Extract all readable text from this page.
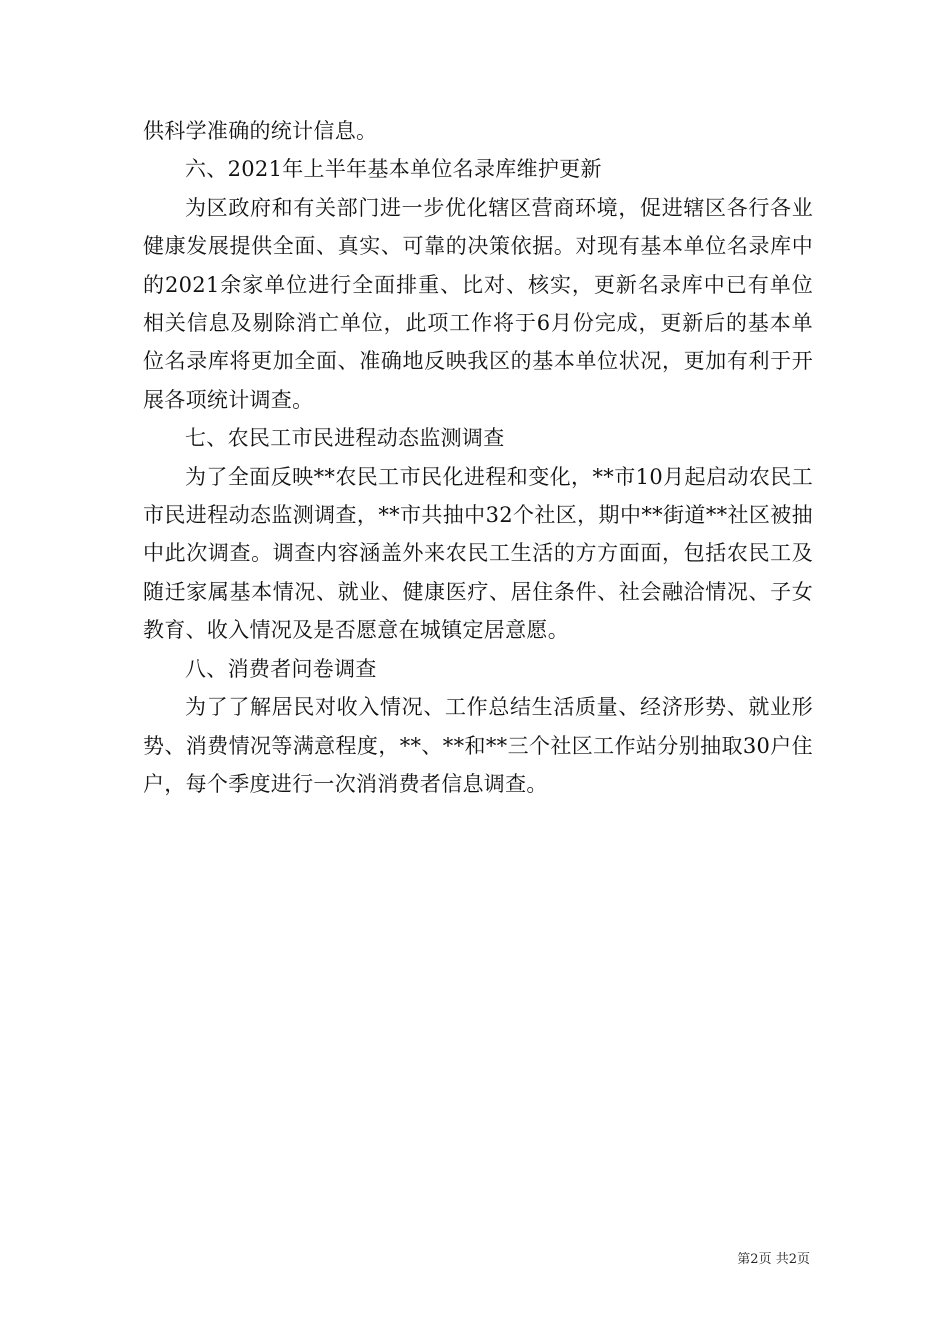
供科学准确的统计信息。

六、2021年上半年基本单位名录库维护更新

为区政府和有关部门进一步优化辖区营商环境，促进辖区各行各业健康发展提供全面、真实、可靠的决策依据。对现有基本单位名录库中的2021余家单位进行全面排重、比对、核实，更新名录库中已有单位相关信息及剔除消亡单位，此项工作将于6月份完成，更新后的基本单位名录库将更加全面、准确地反映我区的基本单位状况，更加有利于开展各项统计调查。

七、农民工市民进程动态监测调查

为了全面反映**农民工市民化进程和变化，**市10月起启动农民工市民进程动态监测调查，**市共抽中32个社区，期中**街道**社区被抽中此次调查。调查内容涵盖外来农民工生活的方方面面，包括农民工及随迁家属基本情况、就业、健康医疗、居住条件、社会融洽情况、子女教育、收入情况及是否愿意在城镇定居意愿。

八、消费者问卷调查

为了了解居民对收入情况、工作总结生活质量、经济形势、就业形势、消费情况等满意程度，**、**和**三个社区工作站分别抽取30户住户，每个季度进行一次消消费者信息调查。

第2页 共2页
